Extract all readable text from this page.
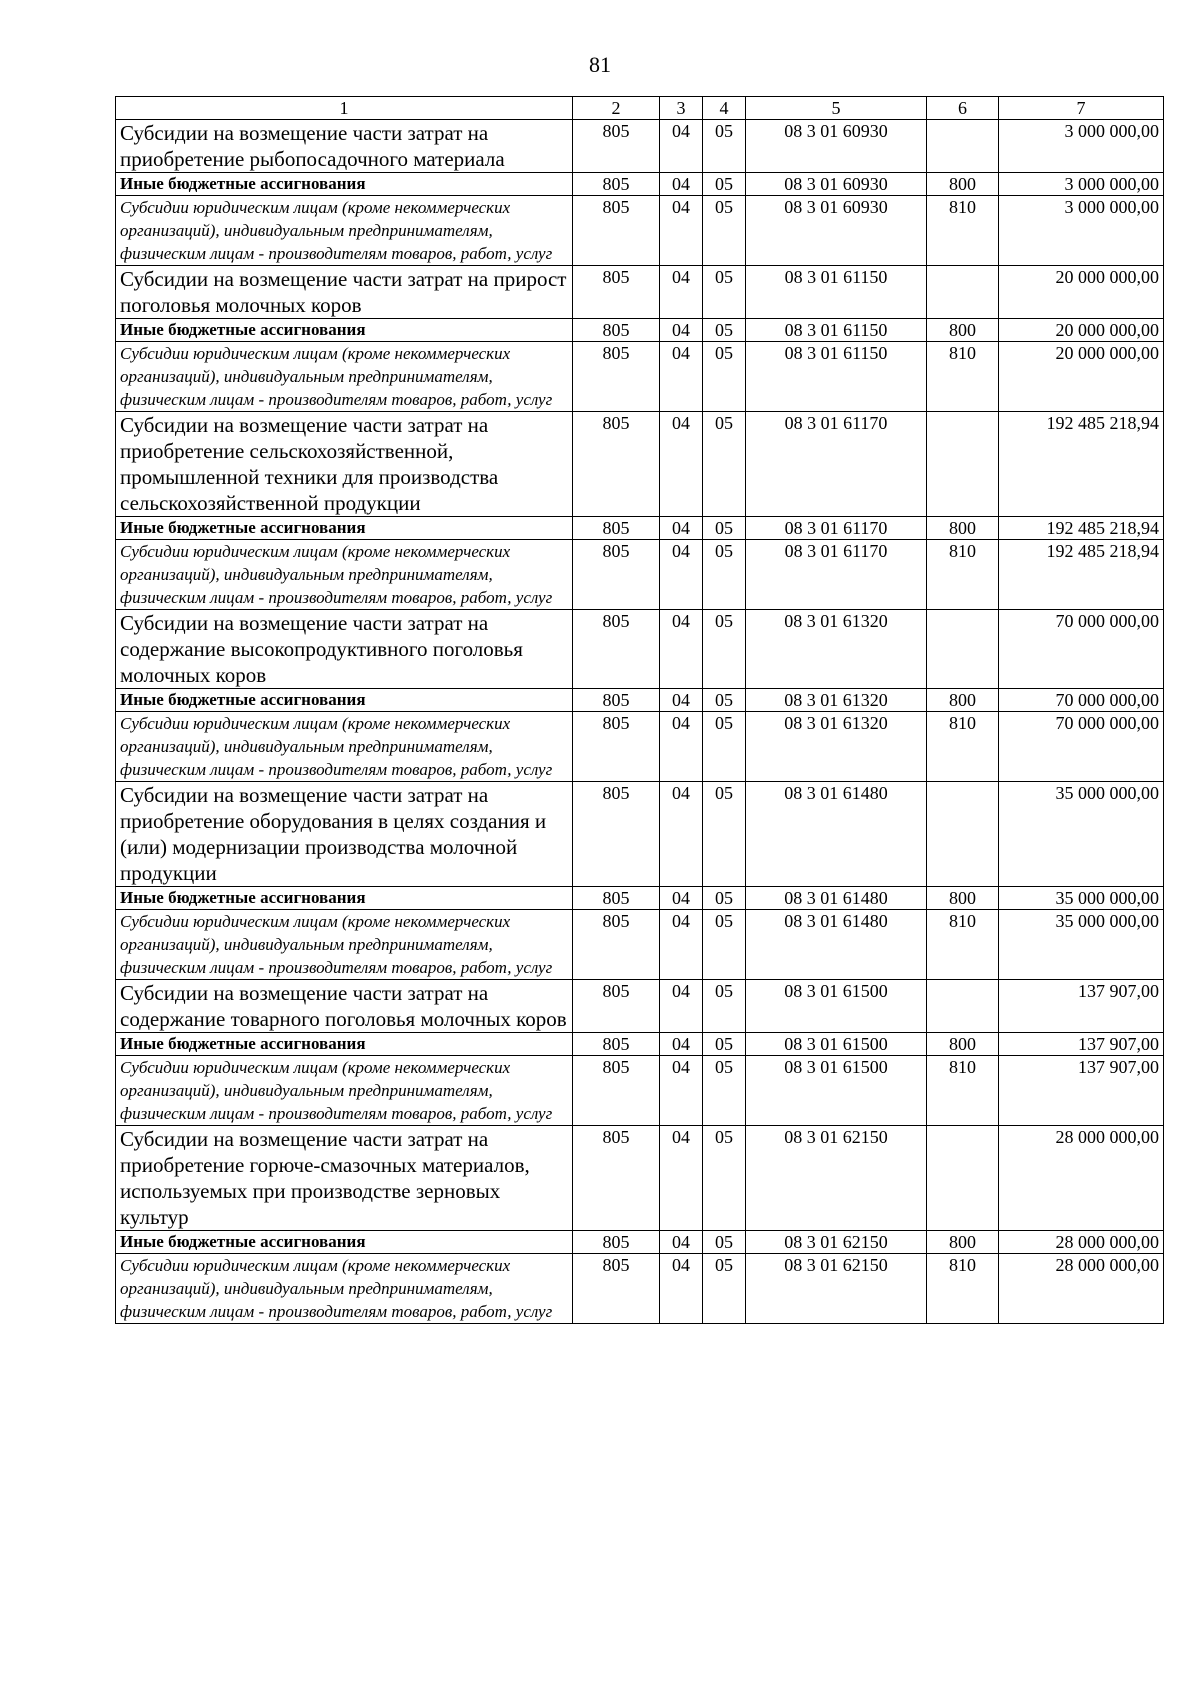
81
1	2	3	4	5	6	7
Субсидии на возмещение части затрат на приобретение рыбопосадочного материала	805	04	05	08 3 01 60930		3 000 000,00
Иные бюджетные ассигнования	805	04	05	08 3 01 60930	800	3 000 000,00
Субсидии юридическим лицам (кроме некоммерческих организаций), индивидуальным предпринимателям, физическим лицам - производителям товаров, работ, услуг	805	04	05	08 3 01 60930	810	3 000 000,00
Субсидии на возмещение части затрат на прирост поголовья молочных коров	805	04	05	08 3 01 61150		20 000 000,00
Иные бюджетные ассигнования	805	04	05	08 3 01 61150	800	20 000 000,00
Субсидии юридическим лицам (кроме некоммерческих организаций), индивидуальным предпринимателям, физическим лицам - производителям товаров, работ, услуг	805	04	05	08 3 01 61150	810	20 000 000,00
Субсидии на возмещение части затрат на приобретение сельскохозяйственной, промышленной техники для производства сельскохозяйственной продукции	805	04	05	08 3 01 61170		192 485 218,94
Иные бюджетные ассигнования	805	04	05	08 3 01 61170	800	192 485 218,94
Субсидии юридическим лицам (кроме некоммерческих организаций), индивидуальным предпринимателям, физическим лицам - производителям товаров, работ, услуг	805	04	05	08 3 01 61170	810	192 485 218,94
Субсидии на возмещение части затрат на содержание высокопродуктивного поголовья молочных коров	805	04	05	08 3 01 61320		70 000 000,00
Иные бюджетные ассигнования	805	04	05	08 3 01 61320	800	70 000 000,00
Субсидии юридическим лицам (кроме некоммерческих организаций), индивидуальным предпринимателям, физическим лицам - производителям товаров, работ, услуг	805	04	05	08 3 01 61320	810	70 000 000,00
Субсидии на возмещение части затрат на приобретение оборудования в целях создания и (или) модернизации производства молочной продукции	805	04	05	08 3 01 61480		35 000 000,00
Иные бюджетные ассигнования	805	04	05	08 3 01 61480	800	35 000 000,00
Субсидии юридическим лицам (кроме некоммерческих организаций), индивидуальным предпринимателям, физическим лицам - производителям товаров, работ, услуг	805	04	05	08 3 01 61480	810	35 000 000,00
Субсидии на возмещение части затрат на содержание товарного поголовья молочных коров	805	04	05	08 3 01 61500		137 907,00
Иные бюджетные ассигнования	805	04	05	08 3 01 61500	800	137 907,00
Субсидии юридическим лицам (кроме некоммерческих организаций), индивидуальным предпринимателям, физическим лицам - производителям товаров, работ, услуг	805	04	05	08 3 01 61500	810	137 907,00
Субсидии на возмещение части затрат на приобретение горюче-смазочных материалов, используемых при производстве зерновых культур	805	04	05	08 3 01 62150		28 000 000,00
Иные бюджетные ассигнования	805	04	05	08 3 01 62150	800	28 000 000,00
Субсидии юридическим лицам (кроме некоммерческих организаций), индивидуальным предпринимателям, физическим лицам - производителям товаров, работ, услуг	805	04	05	08 3 01 62150	810	28 000 000,00
